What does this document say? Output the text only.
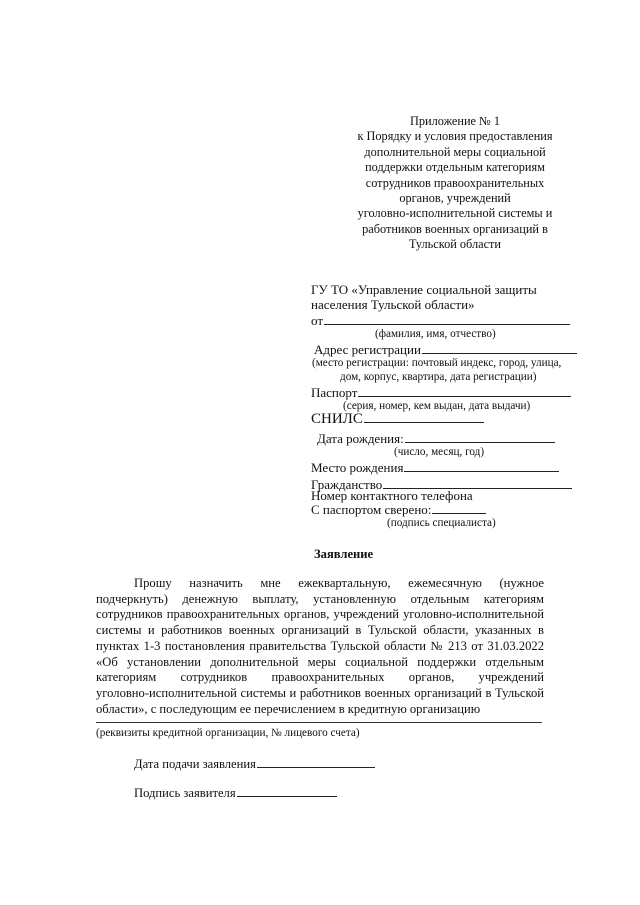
Приложение № 1
к Порядку и условия предоставления
дополнительной меры социальной
поддержки отдельным категориям
сотрудников правоохранительных
органов, учреждений
уголовно-исполнительной системы и
работников военных организаций в
Тульской области
ГУ ТО «Управление социальной защиты
населения Тульской области»
от
(фамилия, имя, отчество)
Адрес регистрации
(место регистрации: почтовый индекс, город, улица,
дом, корпус, квартира, дата регистрации)
Паспорт
(серия, номер, кем выдан, дата выдачи)
СНИЛС
Дата рождения:
(число, месяц, год)
Место рождения
Гражданство
Номер контактного телефона
С паспортом сверено:
(подпись специалиста)
Заявление
Прошу назначить мне ежеквартальную, ежемесячную (нужное
подчеркнуть) денежную выплату, установленную отдельным категориям
сотрудников правоохранительных органов, учреждений уголовно-исполнительной
системы и работников военных организаций в Тульской области, указанных в
пунктах 1-3 постановления правительства Тульской области № 213 от 31.03.2022
«Об установлении дополнительной меры социальной поддержки отдельным
категориям сотрудников правоохранительных органов, учреждений
уголовно-исполнительной системы и работников военных организаций в Тульской
области», с последующим ее перечислением в кредитную организацию
(реквизиты кредитной организации, № лицевого счета)
Дата подачи заявления
Подпись заявителя
